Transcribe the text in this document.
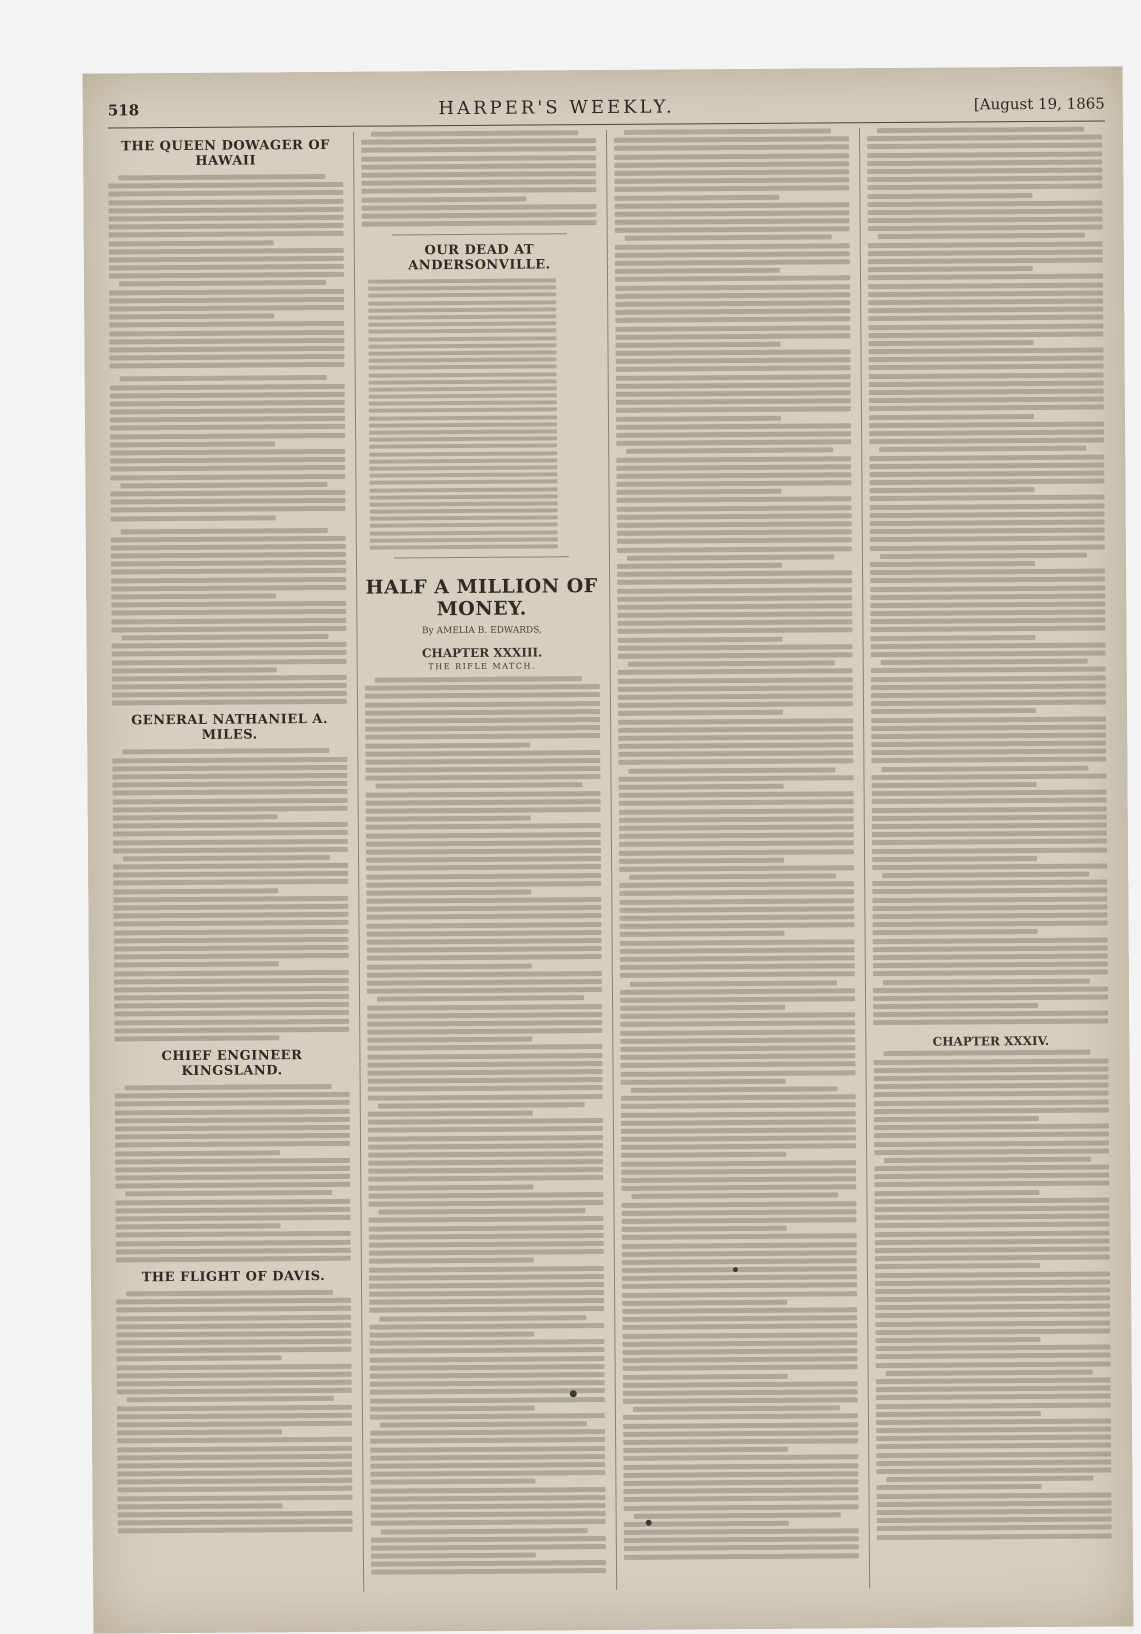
518	HARPER'S WEEKLY.	[August 19, 1865
THE QUEEN DOWAGER OF HAWAII
GENERAL NATHANIEL A. MILES.
CHIEF ENGINEER KINGSLAND.
THE FLIGHT OF DAVIS.
OUR DEAD AT ANDERSONVILLE.
HALF A MILLION OF MONEY.
By AMELIA B. EDWARDS,
CHAPTER XXXIII.
THE RIFLE MATCH.
CHAPTER XXXIV.
